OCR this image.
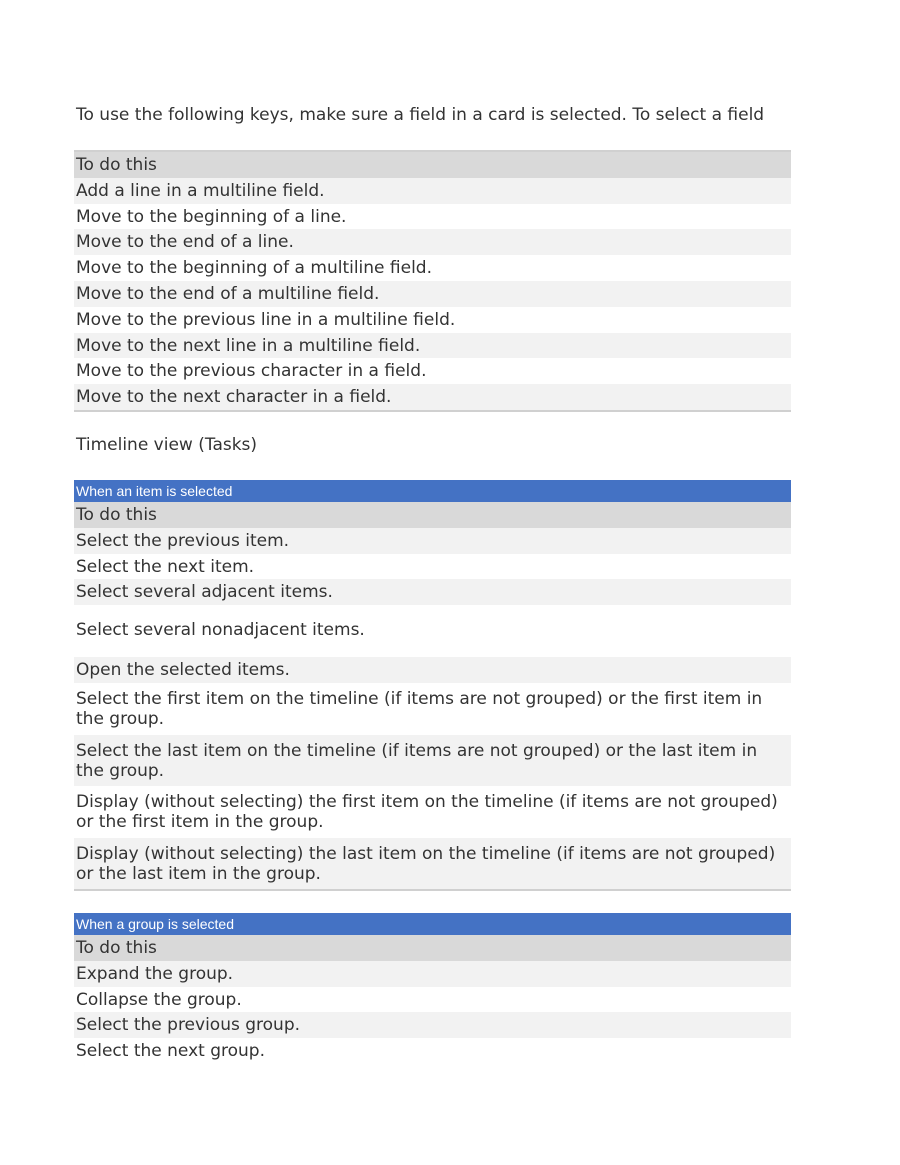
To use the following keys, make sure a field in a card is selected. To select a field
To do this
Add a line in a multiline field.
Move to the beginning of a line.
Move to the end of a line.
Move to the beginning of a multiline field.
Move to the end of a multiline field.
Move to the previous line in a multiline field.
Move to the next line in a multiline field.
Move to the previous character in a field.
Move to the next character in a field.
Timeline view (Tasks)
When an item is selected
To do this
Select the previous item.
Select the next item.
Select several adjacent items.
Select several nonadjacent items.
Open the selected items.
Select the first item on the timeline (if items are not grouped) or the first item in the group.
Select the last item on the timeline (if items are not grouped) or the last item in the group.
Display (without selecting) the first item on the timeline (if items are not grouped) or the first item in the group.
Display (without selecting) the last item on the timeline (if items are not grouped) or the last item in the group.
When a group is selected
To do this
Expand the group.
Collapse the group.
Select the previous group.
Select the next group.
